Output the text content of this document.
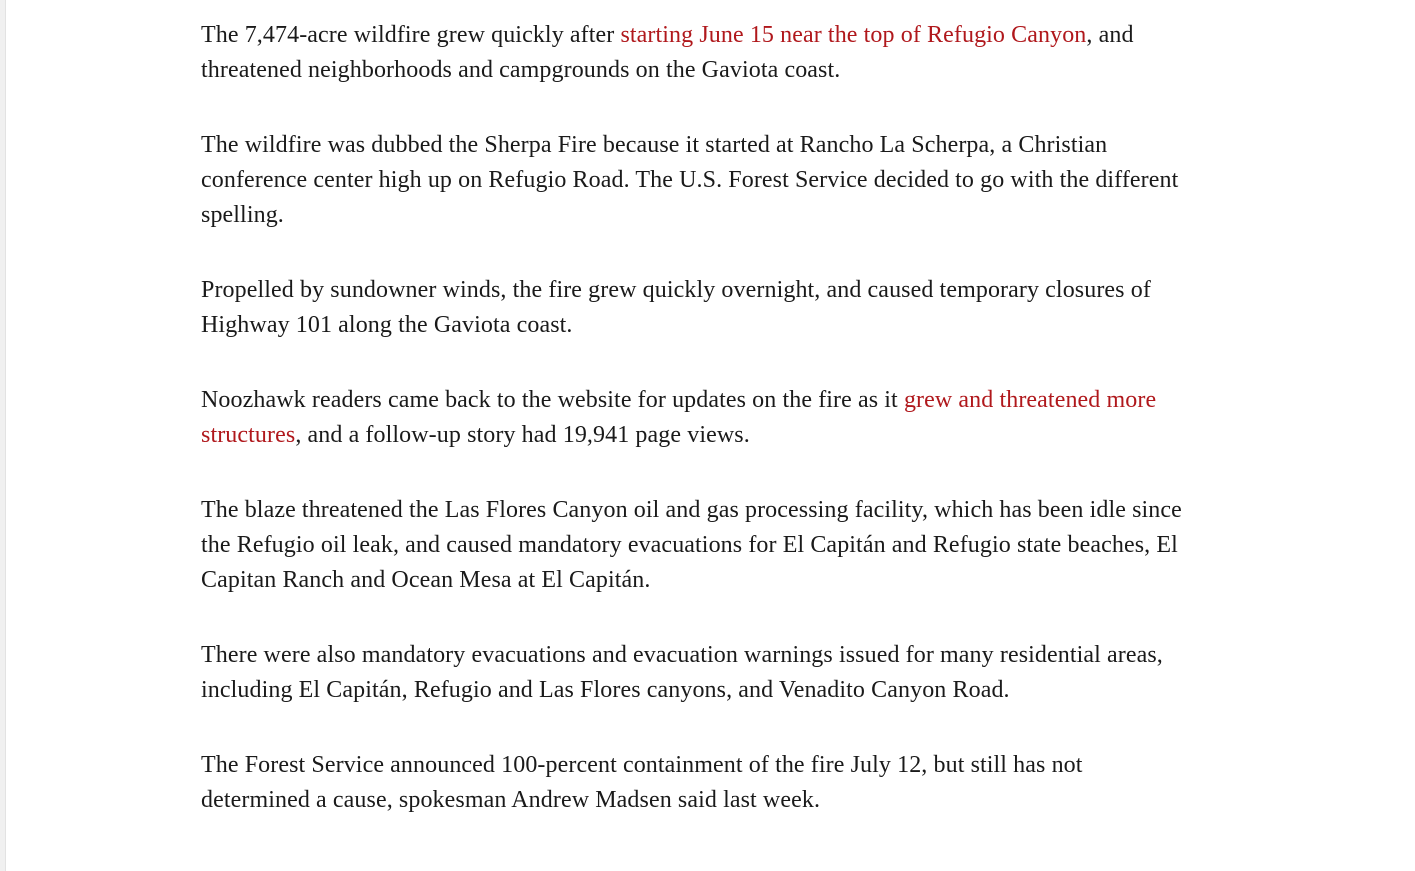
The 7,474-acre wildfire grew quickly after starting June 15 near the top of Refugio Canyon, and threatened neighborhoods and campgrounds on the Gaviota coast.

The wildfire was dubbed the Sherpa Fire because it started at Rancho La Scherpa, a Christian conference center high up on Refugio Road. The U.S. Forest Service decided to go with the different spelling.

Propelled by sundowner winds, the fire grew quickly overnight, and caused temporary closures of Highway 101 along the Gaviota coast.

Noozhawk readers came back to the website for updates on the fire as it grew and threatened more structures, and a follow-up story had 19,941 page views.

The blaze threatened the Las Flores Canyon oil and gas processing facility, which has been idle since the Refugio oil leak, and caused mandatory evacuations for El Capitán and Refugio state beaches, El Capitan Ranch and Ocean Mesa at El Capitán.

There were also mandatory evacuations and evacuation warnings issued for many residential areas, including El Capitán, Refugio and Las Flores canyons, and Venadito Canyon Road.

The Forest Service announced 100-percent containment of the fire July 12, but still has not determined a cause, spokesman Andrew Madsen said last week.
